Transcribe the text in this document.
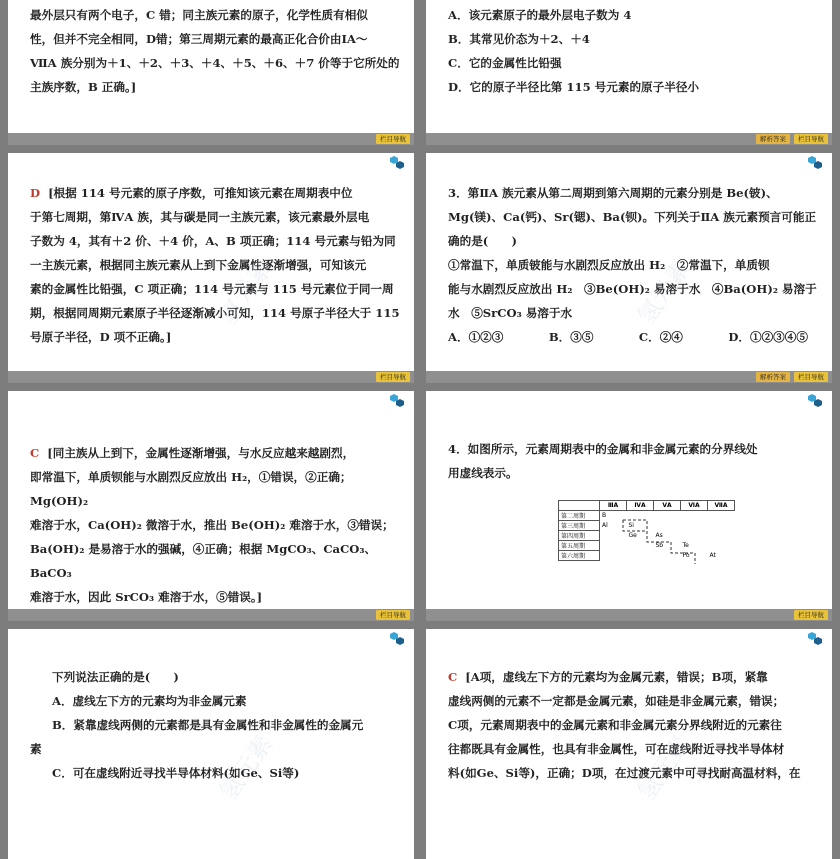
最外层只有两个电子，C 错；同主族元素的原子，化学性质有相似

性，但并不完全相同，D错；第三周期元素的最高正化合价由ⅠA～

ⅦA 族分别为＋1、＋2、＋3、＋4、＋5、＋6、＋7 价等于它所处的

主族序数，B 正确。]

栏目导航

A．该元素原子的最外层电子数为 4

B．其常见价态为＋2、＋4

C．它的金属性比铅强

D．它的原子半径比第 115 号元素的原子半径小

解析答案	栏目导航

D [根据 114 号元素的原子序数，可推知该元素在周期表中位

于第七周期，第ⅣA 族，其与碳是同一主族元素，该元素最外层电

子数为 4，其有＋2 价、＋4 价，A、B 项正确；114 号元素与铅为同

一主族元素，根据同主族元素从上到下金属性逐渐增强，可知该元

素的金属性比铅强，C 项正确；114 号元素与 115 号元素位于同一周

期，根据同周期元素原子半径逐渐减小可知，114 号原子半径大于 115

号原子半径，D 项不正确。]

氢元素
栏目导航

3．第ⅡA 族元素从第二周期到第六周期的元素分别是 Be(铍)、

Mg(镁)、Ca(钙)、Sr(锶)、Ba(钡)。下列关于ⅡA 族元素预言可能正

确的是(　　)

①常温下，单质铍能与水剧烈反应放出 H₂　②常温下，单质钡

能与水剧烈反应放出 H₂　③Be(OH)₂ 易溶于水　④Ba(OH)₂ 易溶于

水　⑤SrCO₃ 易溶于水

A．①②③	B．③⑤	C．②④	D．①②③④⑤

氢元素
解析答案	栏目导航

C [同主族从上到下，金属性逐渐增强，与水反应越来越剧烈，

即常温下，单质钡能与水剧烈反应放出 H₂，①错误，②正确；Mg(OH)₂

难溶于水，Ca(OH)₂ 微溶于水，推出 Be(OH)₂ 难溶于水，③错误；

Ba(OH)₂ 是易溶于水的强碱，④正确；根据 MgCO₃、CaCO₃、BaCO₃

难溶于水，因此 SrCO₃ 难溶于水，⑤错误。]

栏目导航

4．如图所示，元素周期表中的金属和非金属元素的分界线处

用虚线表示。

	ⅢA	ⅣA	ⅤA	ⅥA	ⅦA
第二周期	B				
第三周期	Al	Si			
第四周期		Ge	As		
第五周期			Sb	Te	
第六周期				Po	At
栏目导航

下列说法正确的是(　　)

A．虚线左下方的元素均为非金属元素

B．紧靠虚线两侧的元素都是具有金属性和非金属性的金属元

素

C．可在虚线附近寻找半导体材料(如Ge、Si等)

氢元素

C [A项，虚线左下方的元素均为金属元素，错误；B项，紧靠

虚线两侧的元素不一定都是金属元素，如硅是非金属元素，错误；

C项，元素周期表中的金属元素和非金属元素分界线附近的元素往

往都既具有金属性，也具有非金属性，可在虚线附近寻找半导体材

料(如Ge、Si等)，正确；D项，在过渡元素中可寻找耐高温材料，在

氢元素
